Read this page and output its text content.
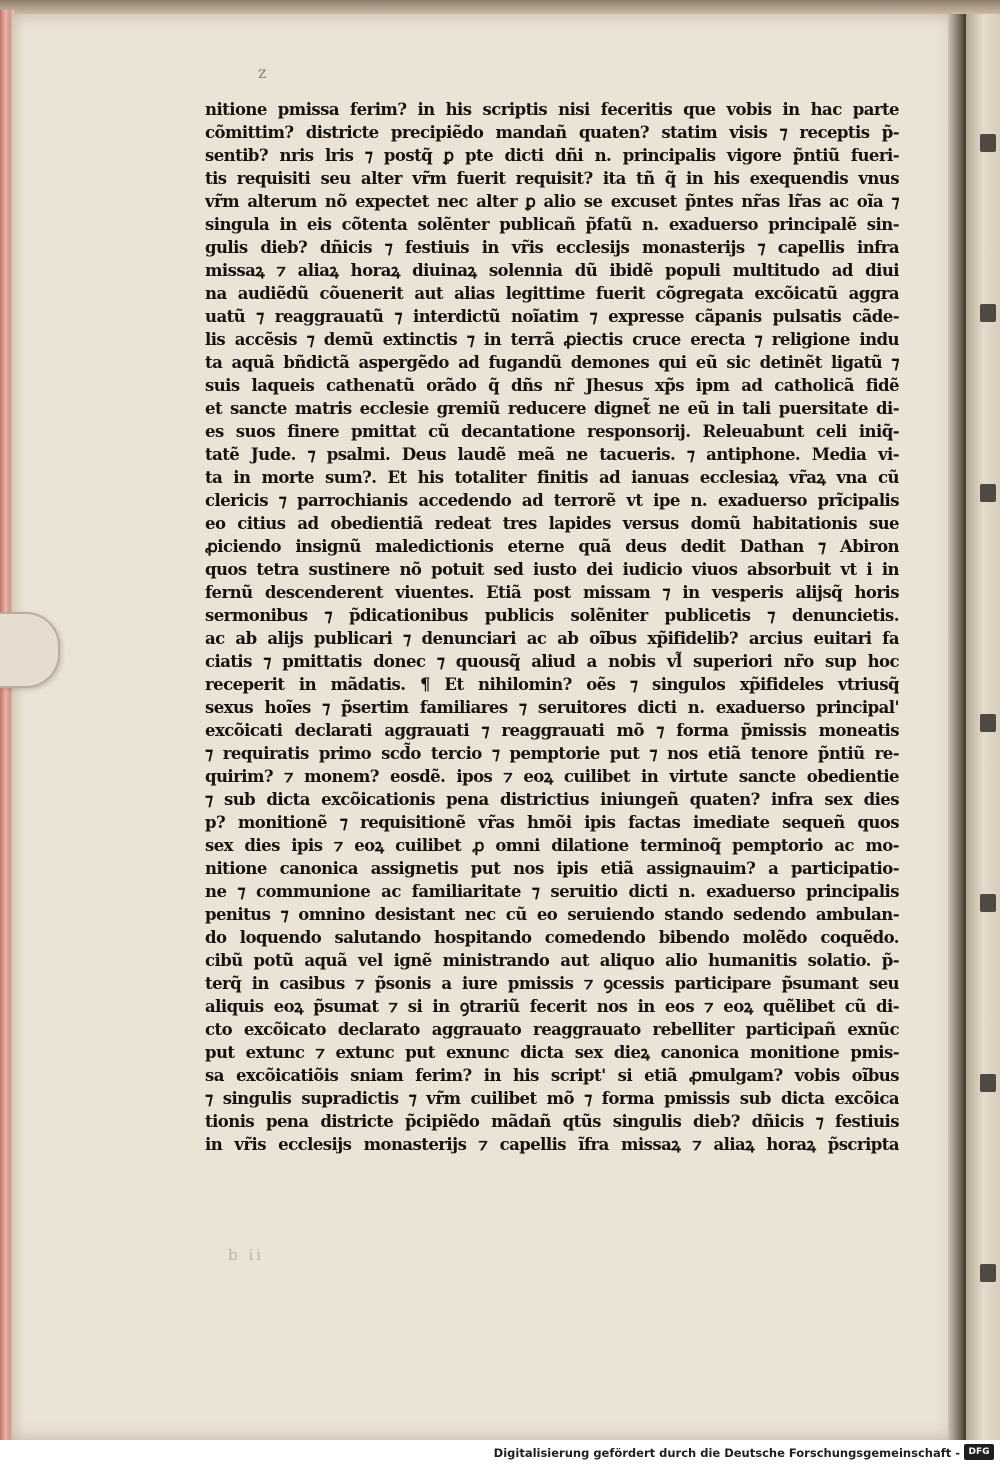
z
nitione pmissa ferim? in his scriptis nisi feceritis que vobis in hac parte
cõmittim? districte precipiẽdo mandañ quaten? statim visis ⁊ receptis p̃-
sentib? nris lris ⁊ postq̃ ꝑ pte dicti dñi n. principalis vigore p̃ntiũ fueri-
tis requisiti seu alter vr̃m fuerit requisit? ita tñ q̃ in his exequendis vnus
vr̃m alterum nõ expectet nec alter ꝑ alio se excuset p̃ntes nr̃as lr̃as ac oĩa ⁊
singula in eis cõtenta solẽnter publicañ p̃fatũ n. exaduerso principalẽ sin-
gulis dieb? dñicis ⁊ festiuis in vr̃is ecclesijs monasterijs ⁊ capellis infra
missaꝝ ⁊ aliaꝝ horaꝝ diuinaꝝ solennia dũ ibidẽ populi multitudo ad diui
na audiẽdũ cõuenerit aut alias legittime fuerit cõgregata excõicatũ aggra
uatũ ⁊ reaggrauatũ ⁊ interdictũ noĩatim ⁊ expresse cãpanis pulsatis cãde-
lis accẽsis ⁊ demũ extinctis ⁊ in terrã ꝓiectis cruce erecta ⁊ religione indu
ta aquã bñdictã aspergẽdo ad fugandũ demones qui eũ sic detinẽt ligatũ ⁊
suis laqueis cathenatũ orãdo q̃ dñs nr̃ Jhesus xp̃s ipm ad catholicã fidẽ
et sancte matris ecclesie gremiũ reducere dignet̃ ne eũ in tali puersitate di-
es suos finere pmittat cũ decantatione responsorij. Releuabunt celi iniq̃-
tatẽ Jude. ⁊ psalmi. Deus laudẽ meã ne tacueris. ⁊ antiphone. Media vi-
ta in morte sum?. Et his totaliter finitis ad ianuas ecclesiaꝝ vr̃aꝝ vna cũ
clericis ⁊ parrochianis accedendo ad terrorẽ vt ipe n. exaduerso prĩcipalis
eo citius ad obedientiã redeat tres lapides versus domũ habitationis sue
ꝓiciendo insignũ maledictionis eterne quã deus dedit Dathan ⁊ Abiron
quos tetra sustinere nõ potuit sed iusto dei iudicio viuos absorbuit vt i in
fernũ descenderent viuentes. Etiã post missam ⁊ in vesperis alijsq̃ horis
sermonibus ⁊ p̃dicationibus publicis solẽniter publicetis ⁊ denuncietis.
ac ab alijs publicari ⁊ denunciari ac ab oĩbus xp̃ifidelib? arcius euitari fa
ciatis ⁊ pmittatis donec ⁊ quousq̃ aliud a nobis vl̃ superiori nr̃o sup hoc
receperit in mãdatis. ¶ Et nihilomin? oẽs ⁊ singulos xp̃ifideles vtriusq̃
sexus hoĩes ⁊ p̃sertim familiares ⁊ seruitores dicti n. exaduerso principal'
excõicati declarati aggrauati ⁊ reaggrauati mõ ⁊ forma p̃missis moneatis
⁊ requiratis primo scd̃o tercio ⁊ pemptorie put ⁊ nos etiã tenore p̃ntiũ re-
quirim? ⁊ monem? eosdẽ. ipos ⁊ eoꝝ cuilibet in virtute sancte obedientie
⁊ sub dicta excõicationis pena districtius iniungeñ quaten? infra sex dies
p? monitionẽ ⁊ requisitionẽ vr̃as hmõi ipis factas imediate sequeñ quos
sex dies ipis ⁊ eoꝝ cuilibet ꝓ omni dilatione terminoq̃ pemptorio ac mo-
nitione canonica assignetis put nos ipis etiã assignauim? a participatio-
ne ⁊ communione ac familiaritate ⁊ seruitio dicti n. exaduerso principalis
penitus ⁊ omnino desistant nec cũ eo seruiendo stando sedendo ambulan-
do loquendo salutando hospitando comedendo bibendo molẽdo coquẽdo.
cibũ potũ aquã vel ignẽ ministrando aut aliquo alio humanitis solatio. p̃-
terq̃ in casibus ⁊ p̃sonis a iure pmissis ⁊ ꝯcessis participare p̃sumant seu
aliquis eoꝝ p̃sumat ⁊ si in ꝯtrariũ fecerit nos in eos ⁊ eoꝝ quẽlibet cũ di-
cto excõicato declarato aggrauato reaggrauato rebelliter participañ exnũc
put extunc ⁊ extunc put exnunc dicta sex dieꝝ canonica monitione pmis-
sa excõicatiõis sniam ferim? in his script' si etiã ꝓmulgam? vobis oĩbus
⁊ singulis supradictis ⁊ vr̃m cuilibet mõ ⁊ forma pmissis sub dicta excõica
tionis pena districte p̃cipiẽdo mãdañ qtũs singulis dieb? dñicis ⁊ festiuis
in vr̃is ecclesijs monasterijs ⁊ capellis ĩfra missaꝝ ⁊ aliaꝝ horaꝝ p̃scripta
b ii
Digitalisierung gefördert durch die Deutsche Forschungsgemeinschaft - DFG
